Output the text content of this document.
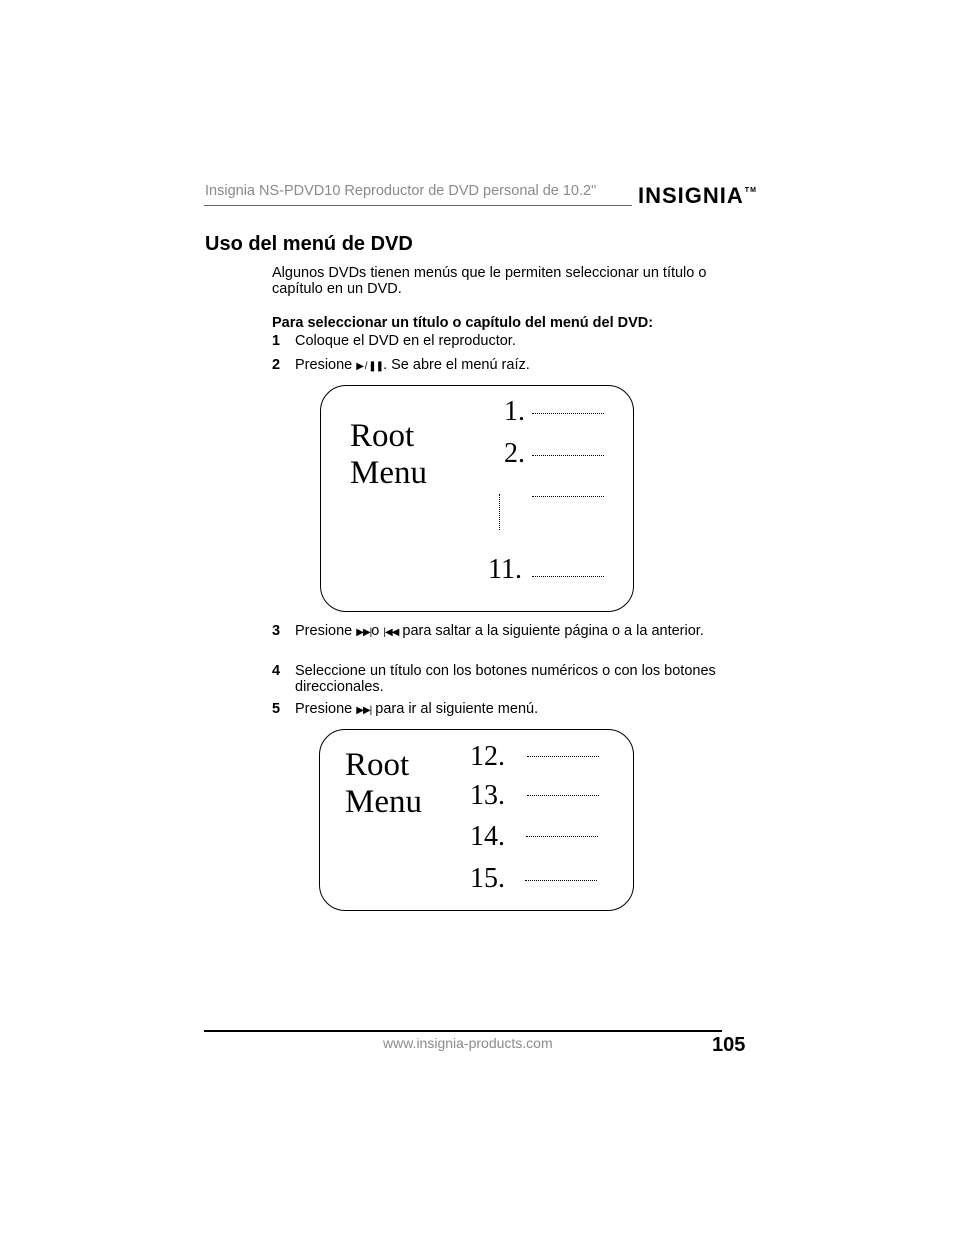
Insignia NS-PDVD10 Reproductor de DVD personal de 10.2" INSIGNIA™
Uso del menú de DVD
Algunos DVDs tienen menús que le permiten seleccionar un título o capítulo en un DVD.
Para seleccionar un título o capítulo del menú del DVD:
1 Coloque el DVD en el reproductor.
2 Presione ▶ / ❚❚. Se abre el menú raíz.
Root
Menu
1.
2.
11.
3 Presione ▶▶|o |◀◀ para saltar a la siguiente página o a la anterior.
4 Seleccione un título con los botones numéricos o con los botones direccionales.
5 Presione ▶▶| para ir al siguiente menú.
Root
Menu
12.
13.
14.
15.
www.insignia-products.com	105
